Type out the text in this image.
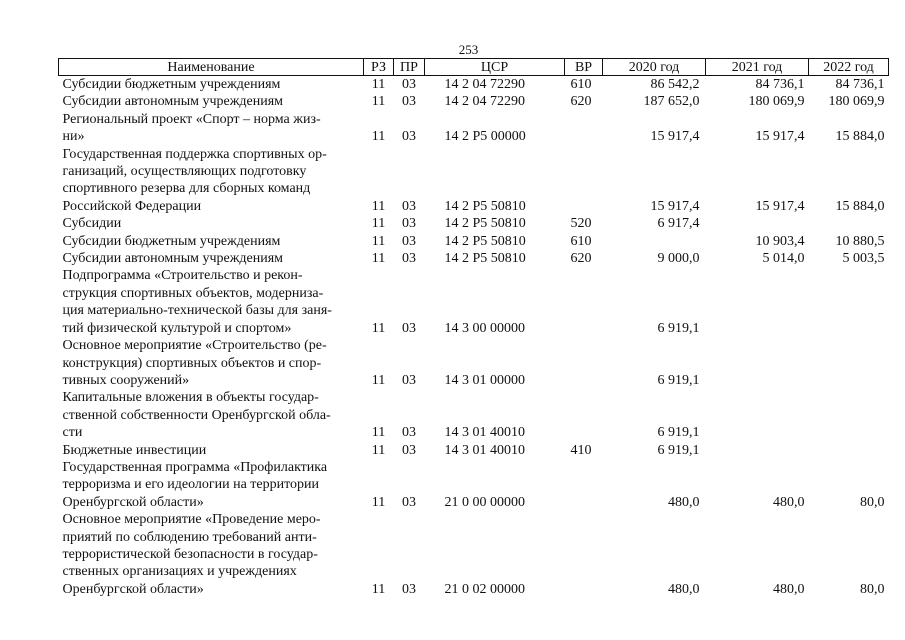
253
Наименование	РЗ	ПР	ЦСР	ВР	2020 год	2021 год	2022 год
Субсидии бюджетным учреждениям	11	03	14 2 04 72290	610	86 542,2	84 736,1	84 736,1
Субсидии автономным учреждениям	11	03	14 2 04 72290	620	187 652,0	180 069,9	180 069,9
Региональный проект «Спорт – норма жиз-
ни»	11	03	14 2 P5 00000		15 917,4	15 917,4	15 884,0
Государственная поддержка спортивных ор-
ганизаций, осуществляющих подготовку
спортивного резерва для сборных команд
Российской Федерации	11	03	14 2 P5 50810		15 917,4	15 917,4	15 884,0
Субсидии	11	03	14 2 P5 50810	520	6 917,4		
Субсидии бюджетным учреждениям	11	03	14 2 P5 50810	610		10 903,4	10 880,5
Субсидии автономным учреждениям	11	03	14 2 P5 50810	620	9 000,0	5 014,0	5 003,5
Подпрограмма «Строительство и рекон-
струкция спортивных объектов, модерниза-
ция материально-технической базы для заня-
тий физической культурой и спортом»	11	03	14 3 00 00000		6 919,1		
Основное мероприятие «Строительство (ре-
конструкция) спортивных объектов и спор-
тивных сооружений»	11	03	14 3 01 00000		6 919,1		
Капитальные вложения в объекты государ-
ственной собственности Оренбургской обла-
сти	11	03	14 3 01 40010		6 919,1		
Бюджетные инвестиции	11	03	14 3 01 40010	410	6 919,1		
Государственная программа «Профилактика
терроризма и его идеологии на территории
Оренбургской области»	11	03	21 0 00 00000		480,0	480,0	80,0
Основное мероприятие «Проведение меро-
приятий по соблюдению требований анти-
террористической безопасности в государ-
ственных организациях и учреждениях
Оренбургской области»	11	03	21 0 02 00000		480,0	480,0	80,0
